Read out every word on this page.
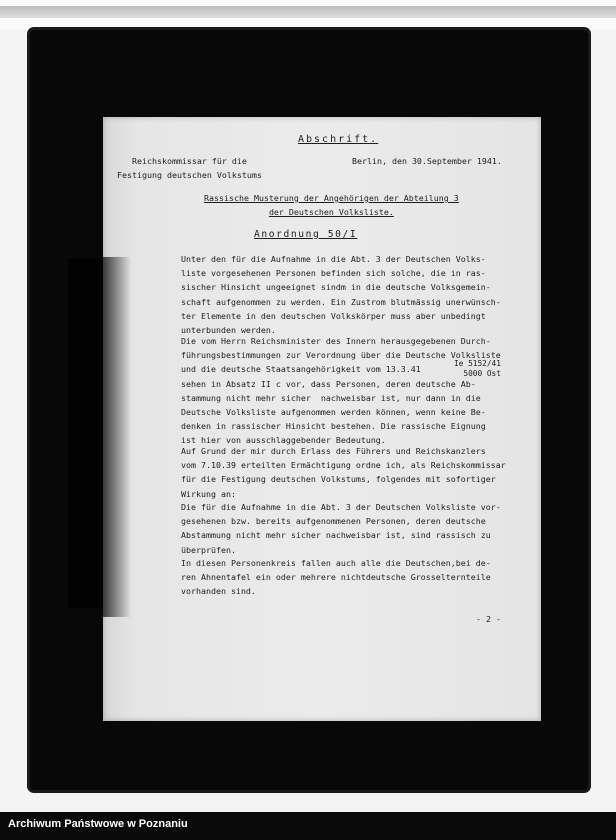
Abschrift.

Reichskommissar für die
Festigung deutschen Volkstums

Berlin, den 30.September 1941.

Rassische Musterung der Angehörigen der Abteilung 3
der Deutschen Volksliste.

Anordnung 50/I

Unter den für die Aufnahme in die Abt. 3 der Deutschen Volks-
liste vorgesehenen Personen befinden sich solche, die in ras-
sischer Hinsicht ungeeignet sindm in die deutsche Volksgemein-
schaft aufgenommen zu werden. Ein Zustrom blutmässig unerwünsch-
ter Elemente in den deutschen Volkskörper muss aber unbedingt
unterbunden werden.

Die vom Herrn Reichsminister des Innern herausgegebenen Durch-
führungsbestimmungen zur Verordnung über die Deutsche Volksliste
und die deutsche Staatsangehörigkeit vom 13.3.41
sehen in Absatz II c vor, dass Personen, deren deutsche Ab-
stammung nicht mehr sicher  nachweisbar ist, nur dann in die
Deutsche Volksliste aufgenommen werden können, wenn keine Be-
denken in rassischer Hinsicht bestehen. Die rassische Eignung
ist hier von ausschlaggebender Bedeutung.

Ie 5152/41
5000 Ost

Auf Grund der mir durch Erlass des Führers und Reichskanzlers
vom 7.10.39 erteilten Ermächtigung ordne ich, als Reichskommissar
für die Festigung deutschen Volkstums, folgendes mit sofortiger
Wirkung an:

Die für die Aufnahme in die Abt. 3 der Deutschen Volksliste vor-
gesehenen bzw. bereits aufgenommenen Personen, deren deutsche
Abstammung nicht mehr sicher nachweisbar ist, sind rassisch zu
überprüfen.

In diesen Personenkreis fallen auch alle die Deutschen,bei de-
ren Ahnentafel ein oder mehrere nichtdeutsche Grosselternteile
vorhanden sind.

- 2 -

Archiwum Państwowe w Poznaniu
